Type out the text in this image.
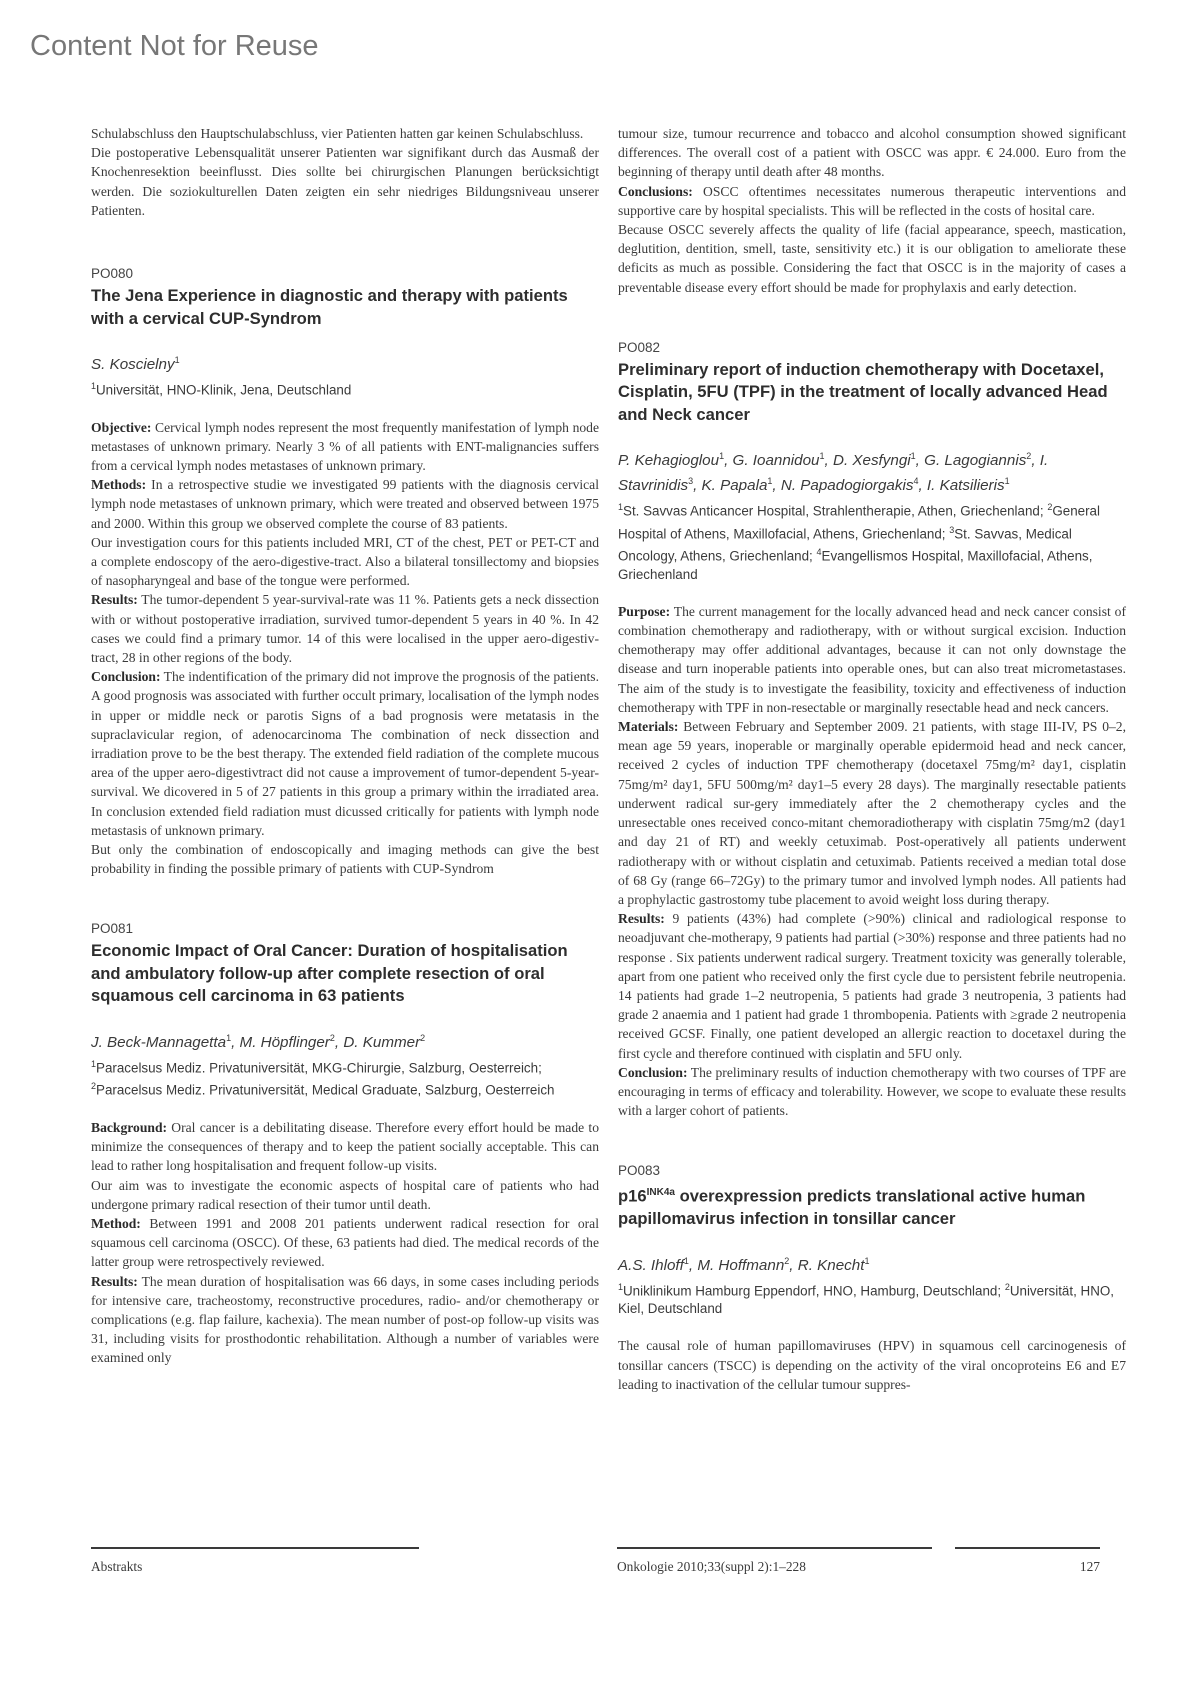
Content Not for Reuse

Schulabschluss den Hauptschulabschluss, vier Patienten hatten gar keinen Schulabschluss.

Die postoperative Lebensqualität unserer Patienten war signifikant durch das Ausmaß der Knochenresektion beeinflusst. Dies sollte bei chirurgischen Planungen berücksichtigt werden. Die soziokulturellen Daten zeigten ein sehr niedriges Bildungsniveau unserer Patienten.

PO080

The Jena Experience in diagnostic and therapy with patients with a cervical CUP-Syndrom

S. Koscielny$^1$

$^1$Universität, HNO-Klinik, Jena, Deutschland

Objective: Cervical lymph nodes represent the most frequently manifestation of lymph node metastases of unknown primary. Nearly 3 % of all patients with ENT-malignancies suffers from a cervical lymph nodes metastases of unknown primary.

Methods: In a retrospective studie we investigated 99 patients with the diagnosis cervical lymph node metastases of unknown primary, which were treated and observed between 1975 and 2000. Within this group we observed complete the course of 83 patients.

Our investigation cours for this patients included MRI, CT of the chest, PET or PET-CT and a complete endoscopy of the aero-digestive-tract. Also a bilateral tonsillectomy and biopsies of nasopharyngeal and base of the tongue were performed.

Results: The tumor-dependent 5 year-survival-rate was 11 %. Patients gets a neck dissection with or without postoperative irradiation, survived tumor-dependent 5 years in 40 %. In 42 cases we could find a primary tumor. 14 of this were localised in the upper aero-digestiv-tract, 28 in other regions of the body.

Conclusion: The indentification of the primary did not improve the prognosis of the patients. A good prognosis was associated with further occult primary, localisation of the lymph nodes in upper or middle neck or parotis Signs of a bad prognosis were metatasis in the supraclavicular region, of adenocarcinoma The combination of neck dissection and irradiation prove to be the best therapy. The extended field radiation of the complete mucous area of the upper aero-digestivtract did not cause a improvement of tumor-dependent 5-year-survival. We dicovered in 5 of 27 patients in this group a primary within the irradiated area. In conclusion extended field radiation must dicussed critically for patients with lymph node metastasis of unknown primary.

But only the combination of endoscopically and imaging methods can give the best probability in finding the possible primary of patients with CUP-Syndrom

PO081

Economic Impact of Oral Cancer: Duration of hospitalisation and ambulatory follow-up after complete resection of oral squamous cell carcinoma in 63 patients

J. Beck-Mannagetta$^1$, M. Höpflinger$^2$, D. Kummer$^2$

$^1$Paracelsus Mediz. Privatuniversität, MKG-Chirurgie, Salzburg, Oesterreich; $^2$Paracelsus Mediz. Privatuniversität, Medical Graduate, Salzburg, Oesterreich

Background: Oral cancer is a debilitating disease. Therefore every effort hould be made to minimize the consequences of therapy and to keep the patient socially acceptable. This can lead to rather long hospitalisation and frequent follow-up visits.

Our aim was to investigate the economic aspects of hospital care of patients who had undergone primary radical resection of their tumor until death.

Method: Between 1991 and 2008 201 patients underwent radical resection for oral squamous cell carcinoma (OSCC). Of these, 63 patients had died. The medical records of the latter group were retrospectively reviewed.

Results: The mean duration of hospitalisation was 66 days, in some cases including periods for intensive care, tracheostomy, reconstructive procedures, radio- and/or chemotherapy or complications (e.g. flap failure, kachexia). The mean number of post-op follow-up visits was 31, including visits for prosthodontic rehabilitation. Although a number of variables were examined only

tumour size, tumour recurrence and tobacco and alcohol consumption showed significant differences. The overall cost of a patient with OSCC was appr. € 24.000. Euro from the beginning of therapy until death after 48 months.

Conclusions: OSCC oftentimes necessitates numerous therapeutic interventions and supportive care by hospital specialists. This will be reflected in the costs of hosital care.

Because OSCC severely affects the quality of life (facial appearance, speech, mastication, deglutition, dentition, smell, taste, sensitivity etc.) it is our obligation to ameliorate these deficits as much as possible. Considering the fact that OSCC is in the majority of cases a preventable disease every effort should be made for prophylaxis and early detection.

PO082

Preliminary report of induction chemotherapy with Docetaxel, Cisplatin, 5FU (TPF) in the treatment of locally advanced Head and Neck cancer

P. Kehagioglou$^1$, G. Ioannidou$^1$, D. Xesfyngi$^1$, G. Lagogiannis$^2$, I. Stavrinidis$^3$, K. Papala$^1$, N. Papadogiorgakis$^4$, I. Katsilieris$^1$

$^1$St. Savvas Anticancer Hospital, Strahlentherapie, Athen, Griechenland; $^2$General Hospital of Athens, Maxillofacial, Athens, Griechenland; $^3$St. Savvas, Medical Oncology, Athens, Griechenland; $^4$Evangellismos Hospital, Maxillofacial, Athens, Griechenland

Purpose: The current management for the locally advanced head and neck cancer consist of combination chemotherapy and radiotherapy, with or without surgical excision. Induction chemotherapy may offer additional advantages, because it can not only downstage the disease and turn inoperable patients into operable ones, but can also treat micrometastases. The aim of the study is to investigate the feasibility, toxicity and effectiveness of induction chemotherapy with TPF in non-resectable or marginally resectable head and neck cancers.

Materials: Between February and September 2009. 21 patients, with stage III-IV, PS 0–2, mean age 59 years, inoperable or marginally operable epidermoid head and neck cancer, received 2 cycles of induction TPF chemotherapy (docetaxel 75mg/m² day1, cisplatin 75mg/m² day1, 5FU 500mg/m² day1–5 every 28 days). The marginally resectable patients underwent radical sur-gery immediately after the 2 chemotherapy cycles and the unresectable ones received conco-mitant chemoradiotherapy with cisplatin 75mg/m2 (day1 and day 21 of RT) and weekly cetuximab. Post-operatively all patients underwent radiotherapy with or without cisplatin and cetuximab. Patients received a median total dose of 68 Gy (range 66–72Gy) to the primary tumor and involved lymph nodes. All patients had a prophylactic gastrostomy tube placement to avoid weight loss during therapy.

Results: 9 patients (43%) had complete (>90%) clinical and radiological response to neoadjuvant che-motherapy, 9 patients had partial (>30%) response and three patients had no response . Six patients underwent radical surgery. Treatment toxicity was generally tolerable, apart from one patient who received only the first cycle due to persistent febrile neutropenia. 14 patients had grade 1–2 neutropenia, 5 patients had grade 3 neutropenia, 3 patients had grade 2 anaemia and 1 patient had grade 1 thrombopenia. Patients with ≥grade 2 neutropenia received GCSF. Finally, one patient developed an allergic reaction to docetaxel during the first cycle and therefore continued with cisplatin and 5FU only.

Conclusion: The preliminary results of induction chemotherapy with two courses of TPF are encouraging in terms of efficacy and tolerability. However, we scope to evaluate these results with a larger cohort of patients.

PO083

$p16^{INK4a}$ overexpression predicts translational active human papillomavirus infection in tonsillar cancer

A.S. Ihloff$^1$, M. Hoffmann$^2$, R. Knecht$^1$

$^1$Uniklinikum Hamburg Eppendorf, HNO, Hamburg, Deutschland; $^2$Universität, HNO, Kiel, Deutschland

The causal role of human papillomaviruses (HPV) in squamous cell carcinogenesis of tonsillar cancers (TSCC) is depending on the activity of the viral oncoproteins E6 and E7 leading to inactivation of the cellular tumour suppres-

Abstrakts	Onkologie 2010;33(suppl 2):1–228	127
